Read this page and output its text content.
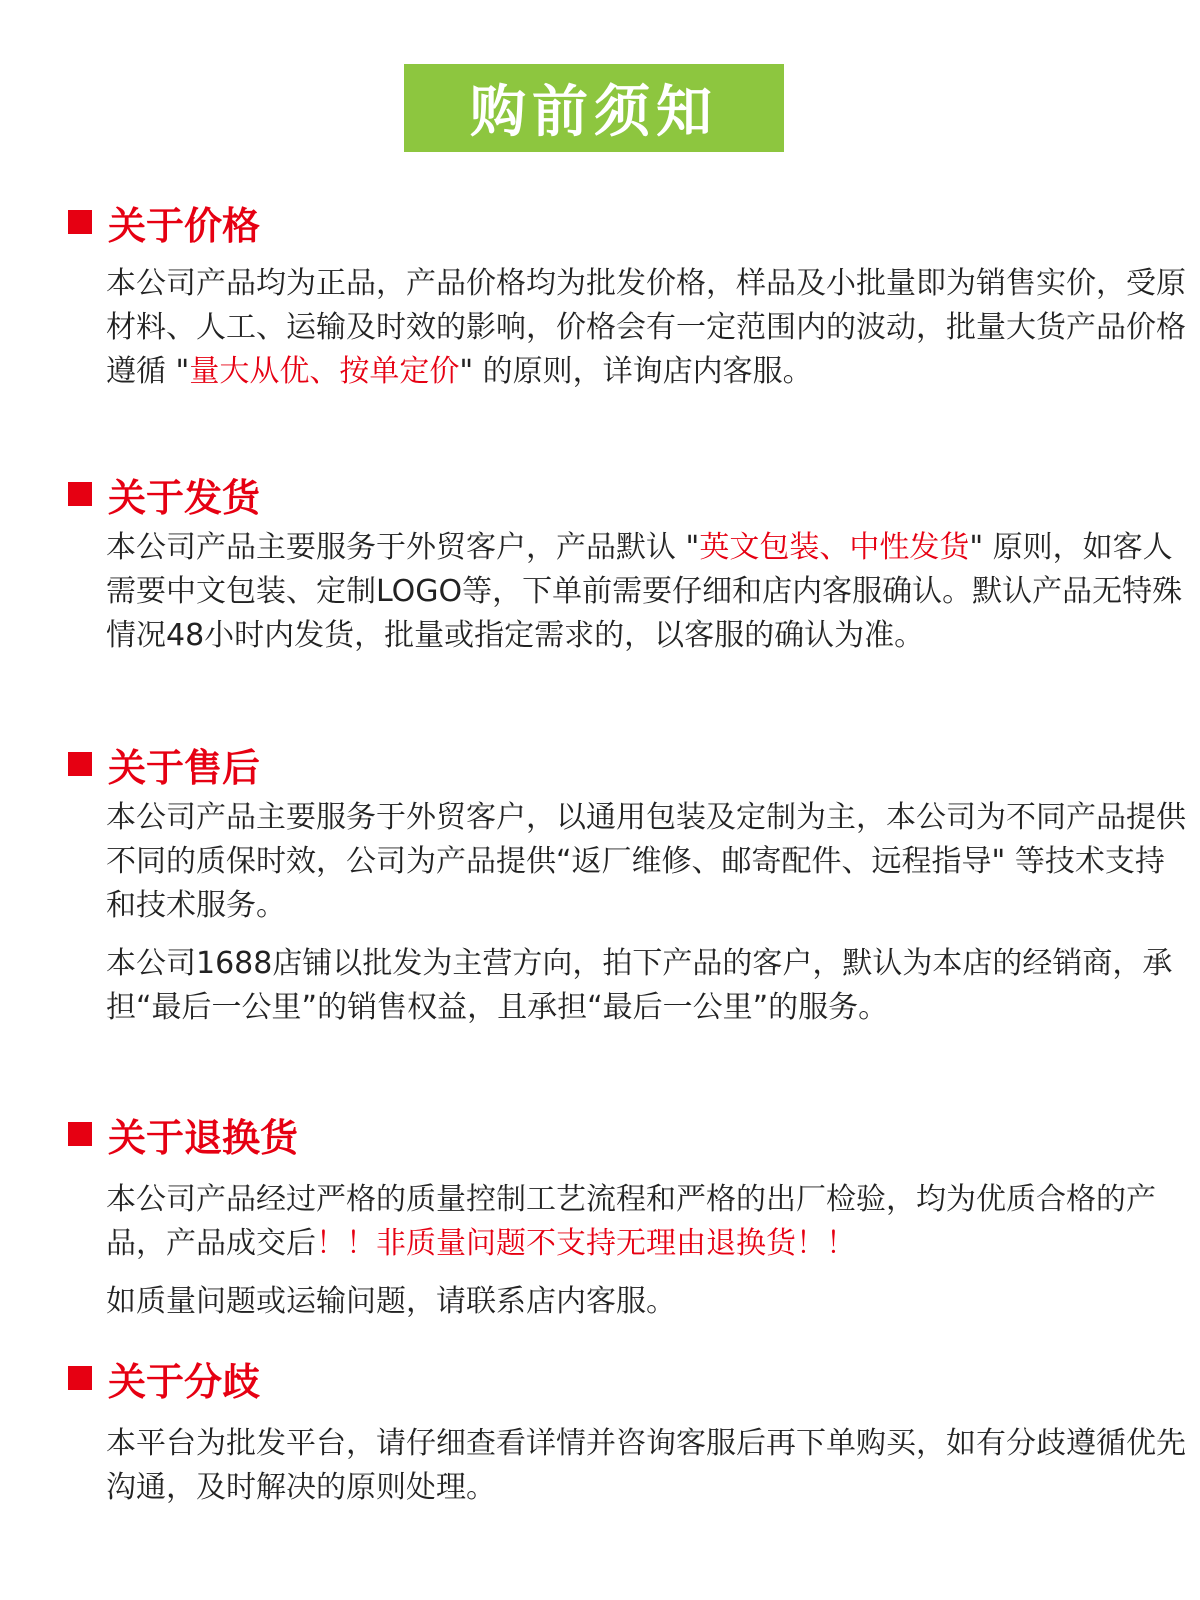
购前须知
关于价格

本公司产品均为正品，产品价格均为批发价格，样品及小批量即为销售实价，受原材料、人工、运输及时效的影响，价格会有一定范围内的波动，批量大货产品价格遵循 "量大从优、按单定价" 的原则，详询店内客服。

关于发货

本公司产品主要服务于外贸客户，产品默认 "英文包装、中性发货" 原则，如客人需要中文包装、定制LOGO等，下单前需要仔细和店内客服确认。默认产品无特殊情况48小时内发货，批量或指定需求的，以客服的确认为准。

关于售后

本公司产品主要服务于外贸客户，以通用包装及定制为主，本公司为不同产品提供不同的质保时效，公司为产品提供“返厂维修、邮寄配件、远程指导" 等技术支持和技术服务。

本公司1688店铺以批发为主营方向，拍下产品的客户，默认为本店的经销商，承担“最后一公里”的销售权益，且承担“最后一公里”的服务。

关于退换货

本公司产品经过严格的质量控制工艺流程和严格的出厂检验，均为优质合格的产品，产品成交后！！非质量问题不支持无理由退换货！！

如质量问题或运输问题，请联系店内客服。

关于分歧

本平台为批发平台，请仔细查看详情并咨询客服后再下单购买，如有分歧遵循优先沟通，及时解决的原则处理。
